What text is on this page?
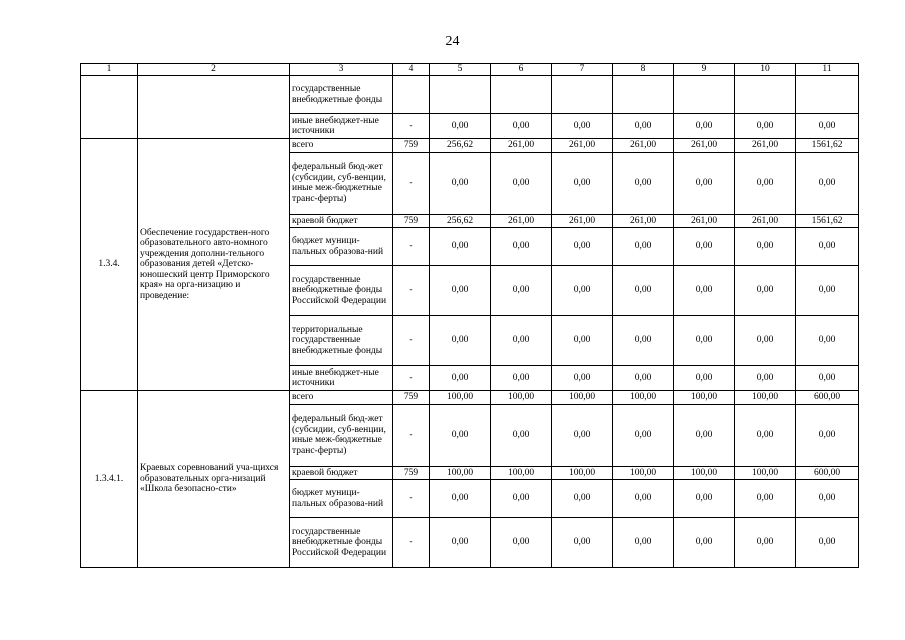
24
1	2	3	4	5	6	7	8	9	10	11
		государственные внебюджетные фонды								
		иные внебюджет-ные источники	-	0,00	0,00	0,00	0,00	0,00	0,00	0,00
1.3.4.	Обеспечение государствен-ного образовательного авто-номного учреждения дополни-тельного образования детей «Детско-юношеский центр Приморского края» на орга-низацию и проведение:	всего	759	256,62	261,00	261,00	261,00	261,00	261,00	1561,62
		федеральный бюд-жет (субсидии, суб-венции, иные меж-бюджетные транс-ферты)	-	0,00	0,00	0,00	0,00	0,00	0,00	0,00
		краевой бюджет	759	256,62	261,00	261,00	261,00	261,00	261,00	1561,62
		бюджет муници-пальных образова-ний	-	0,00	0,00	0,00	0,00	0,00	0,00	0,00
		государственные внебюджетные фонды Российской Федерации	-	0,00	0,00	0,00	0,00	0,00	0,00	0,00
		территориальные государственные внебюджетные фонды	-	0,00	0,00	0,00	0,00	0,00	0,00	0,00
		иные внебюджет-ные источники	-	0,00	0,00	0,00	0,00	0,00	0,00	0,00
1.3.4.1.	Краевых соревнований уча-щихся образовательных орга-низаций «Школа безопасно-сти»	всего	759	100,00	100,00	100,00	100,00	100,00	100,00	600,00
		федеральный бюд-жет (субсидии, суб-венции, иные меж-бюджетные транс-ферты)	-	0,00	0,00	0,00	0,00	0,00	0,00	0,00
		краевой бюджет	759	100,00	100,00	100,00	100,00	100,00	100,00	600,00
		бюджет муници-пальных образова-ний	-	0,00	0,00	0,00	0,00	0,00	0,00	0,00
		государственные внебюджетные фонды Российской Федерации	-	0,00	0,00	0,00	0,00	0,00	0,00	0,00
